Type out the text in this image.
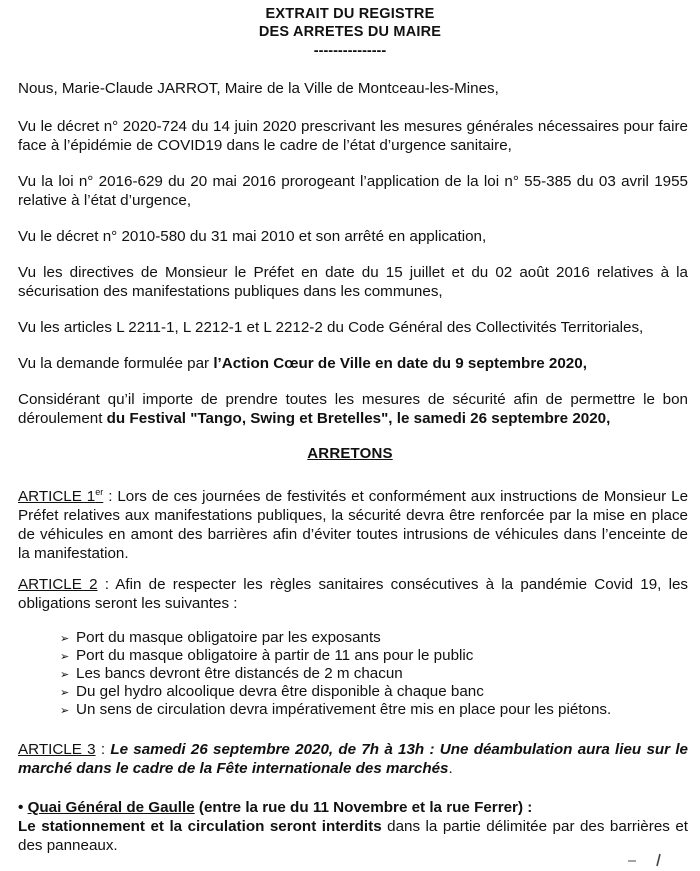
EXTRAIT DU REGISTRE
DES ARRETES DU MAIRE
---------------
Nous, Marie-Claude JARROT, Maire de la Ville de Montceau-les-Mines,
Vu le décret n° 2020-724 du 14 juin 2020 prescrivant les mesures générales nécessaires pour faire face à l’épidémie de COVID19 dans le cadre de l’état d’urgence sanitaire,
Vu la loi n° 2016-629 du 20 mai 2016 prorogeant l’application de la loi n° 55-385 du 03 avril 1955 relative à l’état d’urgence,
Vu le décret n° 2010-580 du 31 mai 2010 et son arrêté en application,
Vu les directives de Monsieur le Préfet en date du 15 juillet et du 02 août 2016 relatives à la sécurisation des manifestations publiques dans les communes,
Vu les articles L 2211-1, L 2212-1 et L 2212-2 du Code Général des Collectivités Territoriales,
Vu la demande formulée par l’Action Cœur de Ville en date du 9 septembre 2020,
Considérant qu’il importe de prendre toutes les mesures de sécurité afin de permettre le bon déroulement du Festival "Tango, Swing et Bretelles", le samedi 26 septembre 2020,
ARRETONS
ARTICLE 1er : Lors de ces journées de festivités et conformément aux instructions de Monsieur Le Préfet relatives aux manifestations publiques, la sécurité devra être renforcée par la mise en place de véhicules en amont des barrières afin d’éviter toutes intrusions de véhicules dans l’enceinte de la manifestation.
ARTICLE 2 : Afin de respecter les règles sanitaires consécutives à la pandémie Covid 19, les obligations seront les suivantes :
➢ Port du masque obligatoire par les exposants
➢ Port du masque obligatoire à partir de 11 ans pour le public
➢ Les bancs devront être distancés de 2 m chacun
➢ Du gel hydro alcoolique devra être disponible à chaque banc
➢ Un sens de circulation devra impérativement être mis en place pour les piétons.
ARTICLE 3 : Le samedi 26 septembre 2020, de 7h à 13h : Une déambulation aura lieu sur le marché dans le cadre de la Fête internationale des marchés.
• Quai Général de Gaulle (entre la rue du 11 Novembre et la rue Ferrer) :
Le stationnement et la circulation seront interdits dans la partie délimitée par des barrières et des panneaux.
